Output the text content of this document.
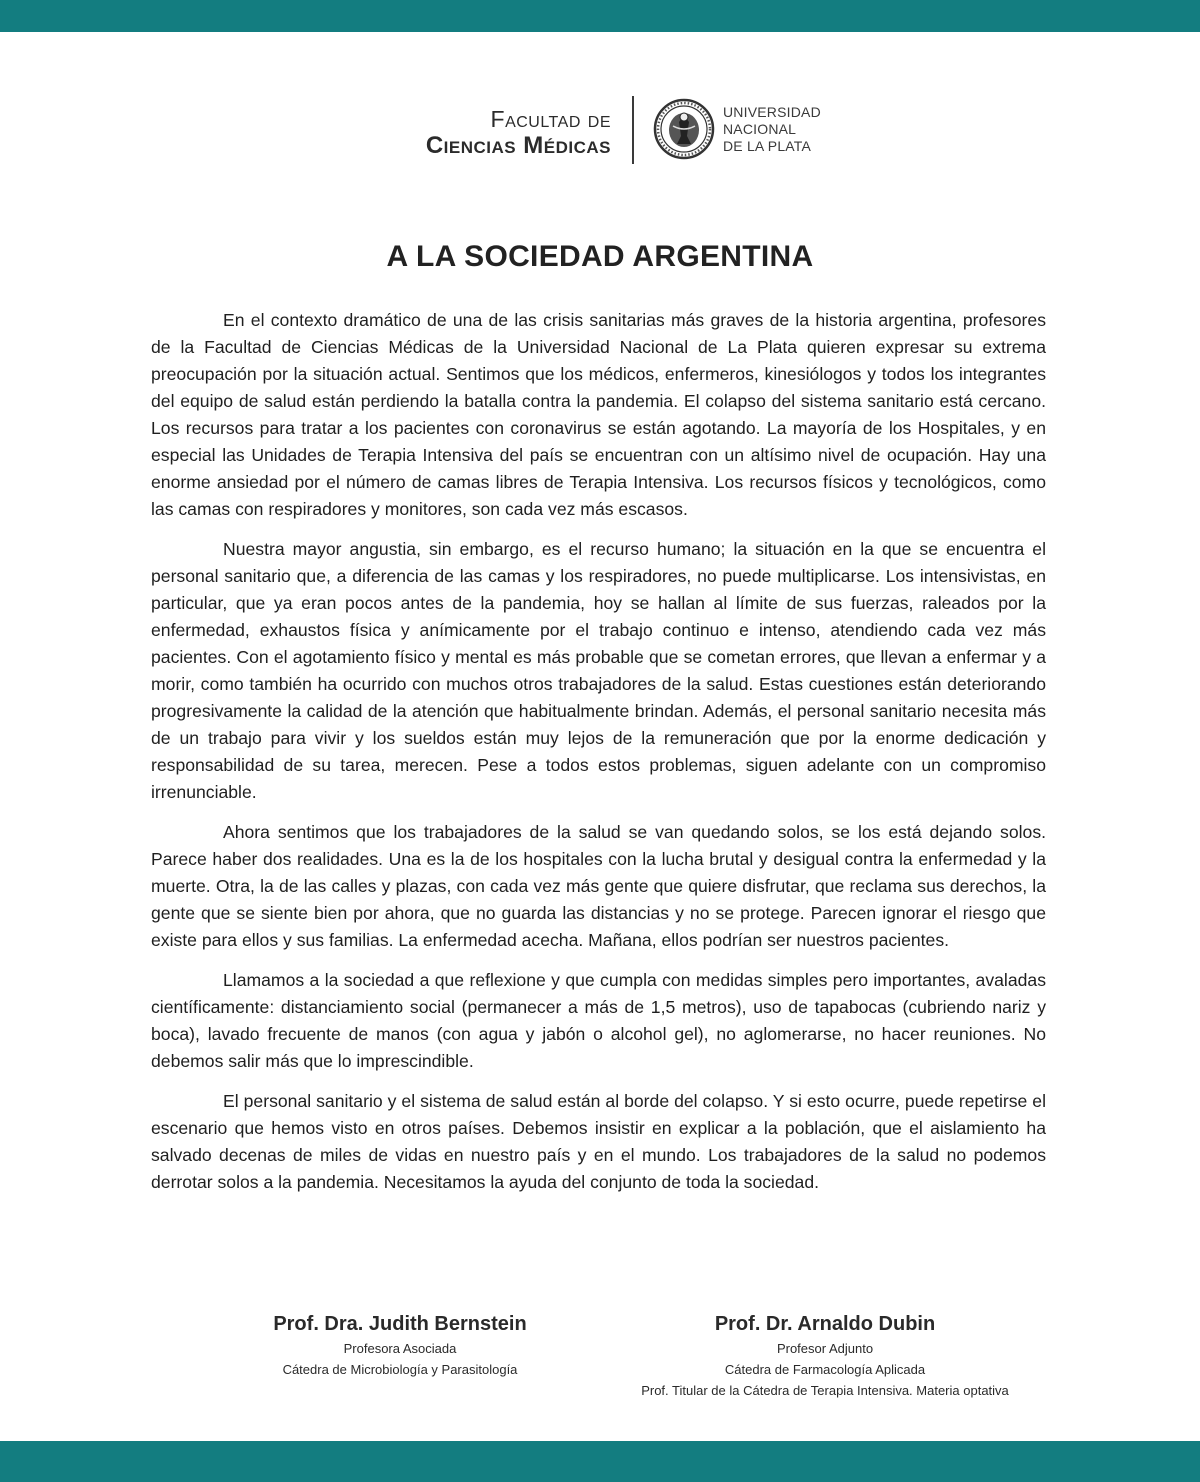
Facultad de
Ciencias Médicas
UNIVERSIDAD
NACIONAL
DE LA PLATA
A LA SOCIEDAD ARGENTINA

En el contexto dramático de una de las crisis sanitarias más graves de la historia argentina, profesores de la Facultad de Ciencias Médicas de la Universidad Nacional de La Plata quieren expresar su extrema preocupación por la situación actual. Sentimos que los médicos, enfermeros, kinesiólogos y todos los integrantes del equipo de salud están perdiendo la batalla contra la pandemia. El colapso del sistema sanitario está cercano. Los recursos para tratar a los pacientes con coronavirus se están agotando. La mayoría de los Hospitales, y en especial las Unidades de Terapia Intensiva del país se encuentran con un altísimo nivel de ocupación. Hay una enorme ansiedad por el número de camas libres de Terapia Intensiva. Los recursos físicos y tecnológicos, como las camas con respiradores y monitores, son cada vez más escasos.

Nuestra mayor angustia, sin embargo, es el recurso humano; la situación en la que se encuentra el personal sanitario que, a diferencia de las camas y los respiradores, no puede multiplicarse. Los intensivistas, en particular, que ya eran pocos antes de la pandemia, hoy se hallan al límite de sus fuerzas, raleados por la enfermedad, exhaustos física y anímicamente por el trabajo continuo e intenso, atendiendo cada vez más pacientes. Con el agotamiento físico y mental es más probable que se cometan errores, que llevan a enfermar y a morir, como también ha ocurrido con muchos otros trabajadores de la salud. Estas cuestiones están deteriorando progresivamente la calidad de la atención que habitualmente brindan. Además, el personal sanitario necesita más de un trabajo para vivir y los sueldos están muy lejos de la remuneración que por la enorme dedicación y responsabilidad de su tarea, merecen. Pese a todos estos problemas, siguen adelante con un compromiso irrenunciable.

Ahora sentimos que los trabajadores de la salud se van quedando solos, se los está dejando solos. Parece haber dos realidades. Una es la de los hospitales con la lucha brutal y desigual contra la enfermedad y la muerte. Otra, la de las calles y plazas, con cada vez más gente que quiere disfrutar, que reclama sus derechos, la gente que se siente bien por ahora, que no guarda las distancias y no se protege. Parecen ignorar el riesgo que existe para ellos y sus familias. La enfermedad acecha. Mañana, ellos podrían ser nuestros pacientes.

Llamamos a la sociedad a que reflexione y que cumpla con medidas simples pero importantes, avaladas científicamente: distanciamiento social (permanecer a más de 1,5 metros), uso de tapabocas (cubriendo nariz y boca), lavado frecuente de manos (con agua y jabón o alcohol gel), no aglomerarse, no hacer reuniones. No debemos salir más que lo imprescindible.

El personal sanitario y el sistema de salud están al borde del colapso. Y si esto ocurre, puede repetirse el escenario que hemos visto en otros países. Debemos insistir en explicar a la población, que el aislamiento ha salvado decenas de miles de vidas en nuestro país y en el mundo. Los trabajadores de la salud no podemos derrotar solos a la pandemia. Necesitamos la ayuda del conjunto de toda la sociedad.

Prof. Dra. Judith Bernstein
Profesora Asociada
Cátedra de Microbiología y Parasitología
Prof. Dr. Arnaldo Dubin
Profesor Adjunto
Cátedra de Farmacología Aplicada
Prof. Titular de la Cátedra de Terapia Intensiva. Materia optativa
